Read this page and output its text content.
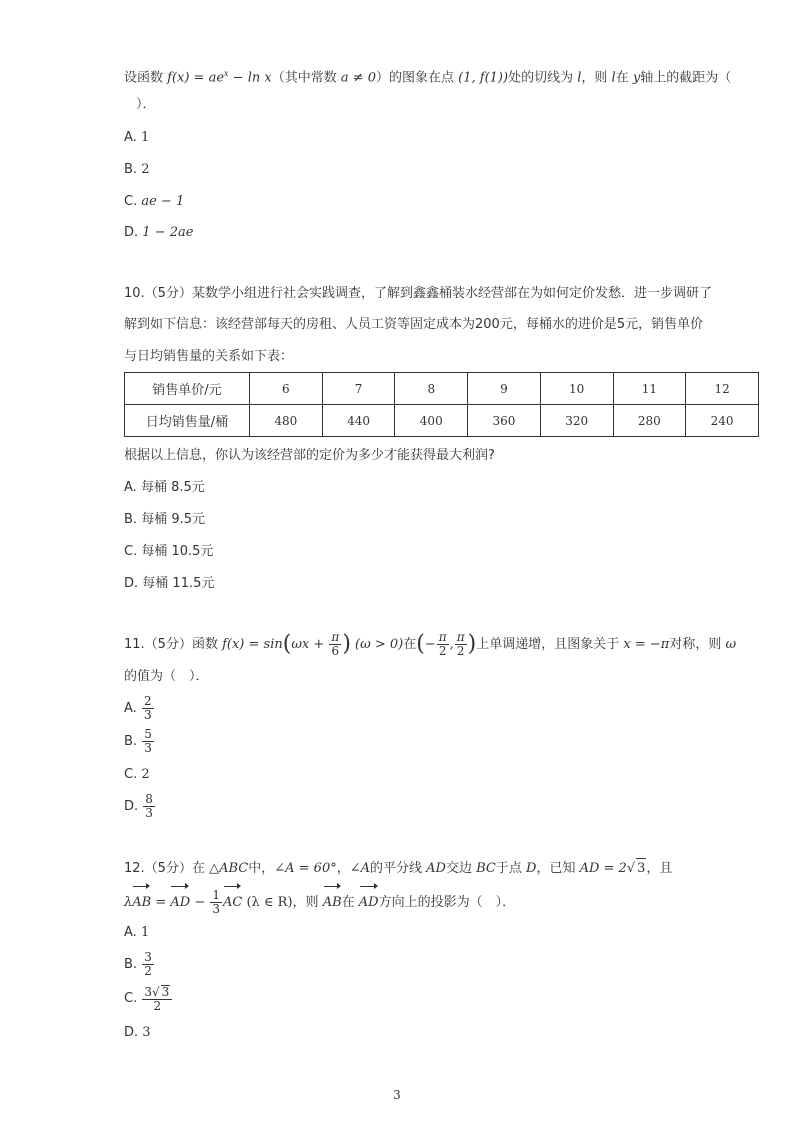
设函数 $f(x) = ae^x - \ln x$（其中常数 a ≠ 0）的图象在点 (1, f(1))处的切线为 l，则 l在 y轴上的截距为（
）．
A. 1
B. 2
C. ae − 1
D. 1 − 2ae
10.（5分）某数学小组进行社会实践调查，了解到鑫鑫桶装水经营部在为如何定价发愁．进一步调研了
解到如下信息：该经营部每天的房租、人员工资等固定成本为200元，每桶水的进价是5元，销售单价
与日均销售量的关系如下表：
销售单价/元	6	7	8	9	10	11	12
日均销售量/桶	480	440	400	360	320	280	240
根据以上信息，你认为该经营部的定价为多少才能获得最大利润?
A. 每桶 8.5元
B. 每桶 9.5元
C. 每桶 10.5元
D. 每桶 11.5元
11.（5分）函数 $f(x) = \sin(\omega x + \frac{\pi}{6}$ ) (ω > 0)在(− $\frac{\pi}{2}$ , $\frac{\pi}{2}$ )上单调递增，且图象关于 x = −π对称，则 ω
的值为（　）．
A. $\frac{2}{3}$
B. $\frac{5}{3}$
C. 2
D. $\frac{8}{3}$
12.（5分）在 △ABC中，∠A = 60°，∠A的平分线 AD交边 BC于点 D，已知 AD = 2√ 3，且
λAB = AD − $\frac{1}{3}$ AC (λ ∈ R)，则 AB在 AD方向上的投影为（　）．
A. 1
B. $\frac{3}{2}$
C. $\frac{3√ 3}{2}$
D. 3
3
